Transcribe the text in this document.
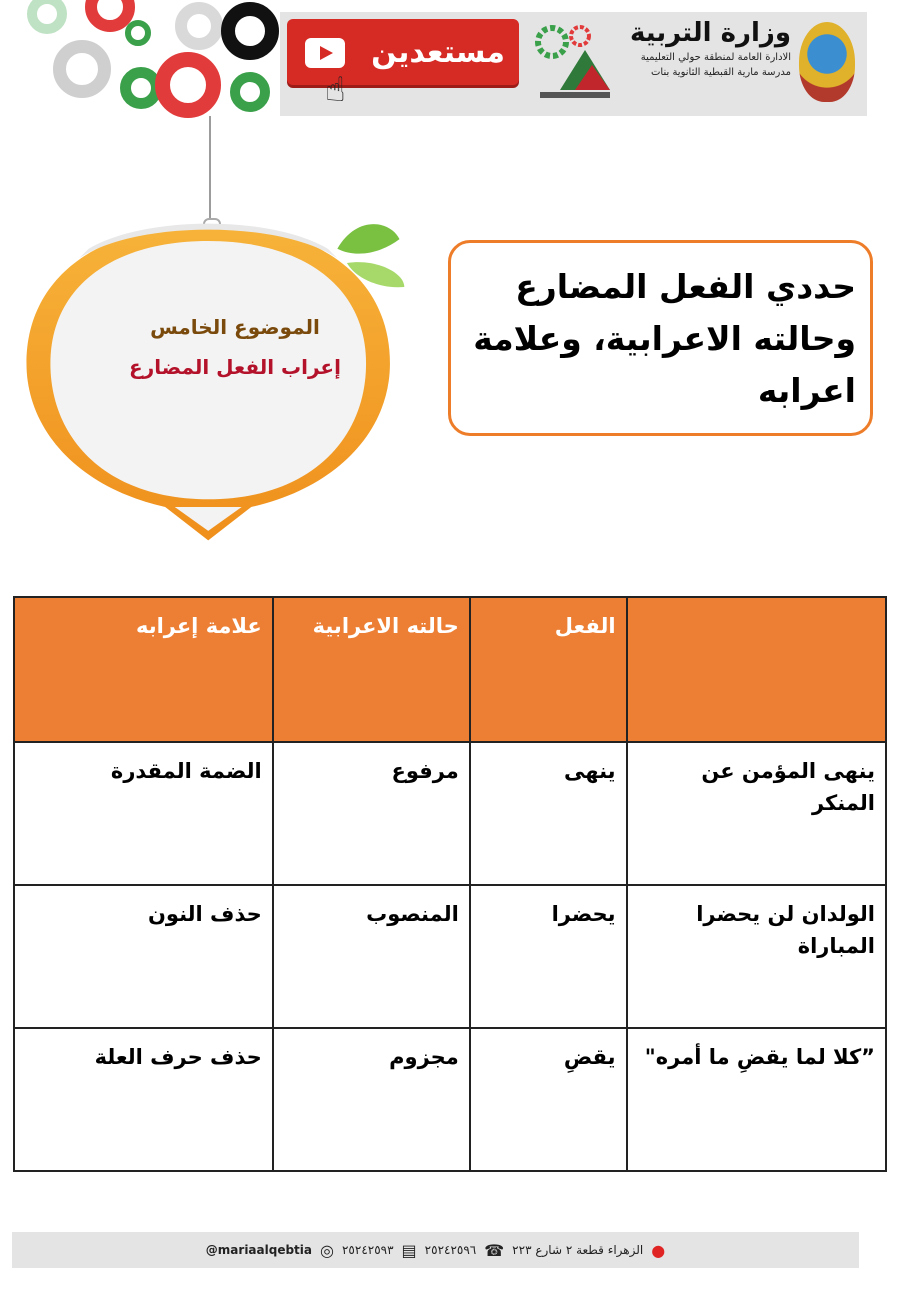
مستعدين
☝
وزارة التربية
الادارة العامة لمنطقة حولي التعليمية
مدرسة مارية القبطية الثانوية بنات
الموضوع الخامس
إعراب الفعل المضارع
حددي الفعل المضارع وحالته الاعرابية، وعلامة اعرابه
	الفعل	حالته الاعرابية	علامة إعرابه
ينهى المؤمن عن المنكر	ينهى	مرفوع	الضمة المقدرة
الولدان لن يحضرا المباراة	يحضرا	المنصوب	حذف النون
”كلا لما يقضِ ما أمره"	يقضِ	مجزوم	حذف حرف العلة
●
الزهراء قطعة ٢ شارع ٢٢٣
☎
٢٥٢٤٢٥٩٦
▤
٢٥٢٤٢٥٩٣
◎
@mariaalqebtia
